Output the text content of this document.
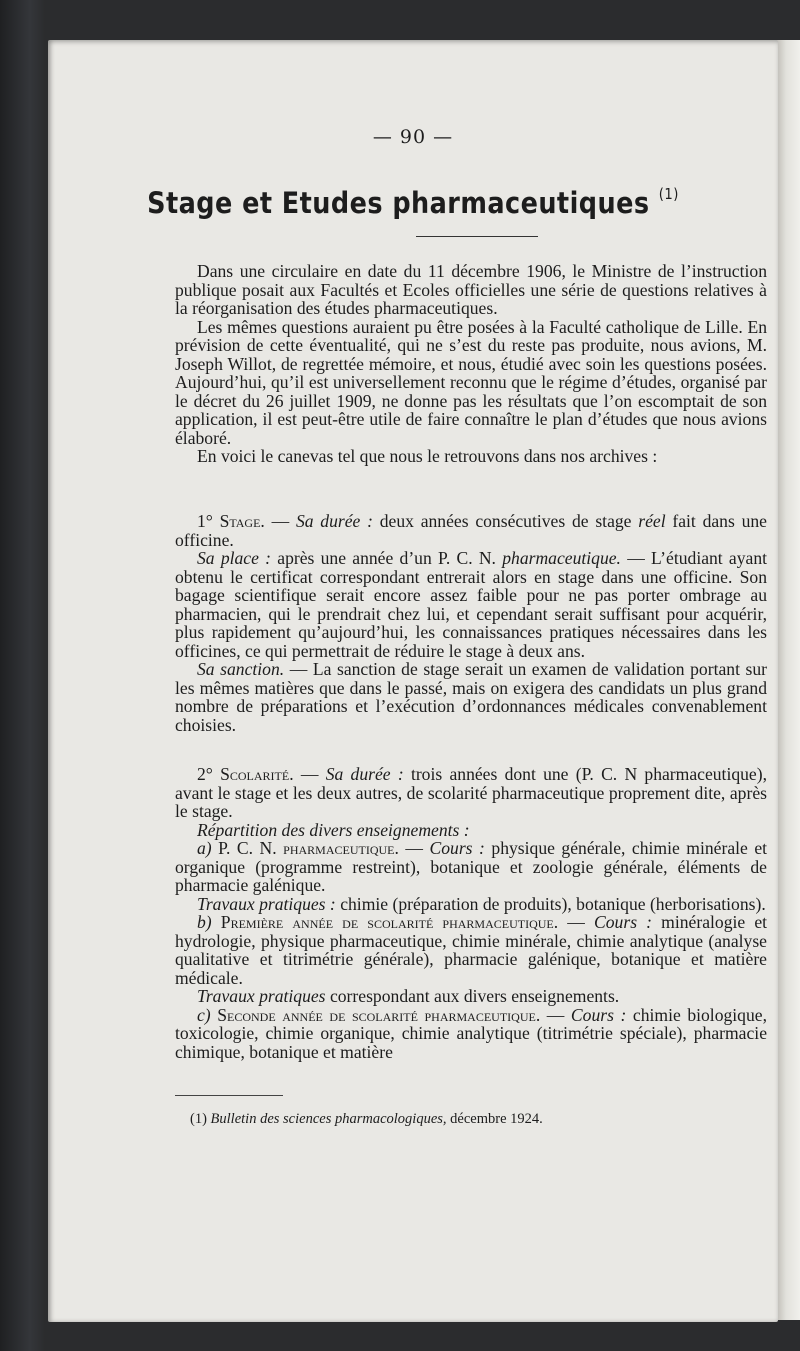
— 90 —
Stage et Etudes pharmaceutiques $^{(1)}$

Dans une circulaire en date du 11 décembre 1906, le Ministre de l’instruction publique posait aux Facultés et Ecoles officielles une série de questions relatives à la réorganisation des études pharmaceutiques.

Les mêmes questions auraient pu être posées à la Faculté catholique de Lille. En prévision de cette éventualité, qui ne s’est du reste pas produite, nous avions, M. Joseph Willot, de regrettée mémoire, et nous, étudié avec soin les questions posées. Aujourd’hui, qu’il est universellement reconnu que le régime d’études, organisé par le décret du 26 juillet 1909, ne donne pas les résultats que l’on escomptait de son application, il est peut-être utile de faire connaître le plan d’études que nous avions élaboré.

En voici le canevas tel que nous le retrouvons dans nos archives :

1° Stage. — Sa durée : deux années consécutives de stage réel fait dans une officine.

Sa place : après une année d’un P. C. N. pharmaceutique. — L’étudiant ayant obtenu le certificat correspondant entrerait alors en stage dans une officine. Son bagage scientifique serait encore assez faible pour ne pas porter ombrage au pharmacien, qui le prendrait chez lui, et cependant serait suffisant pour acquérir, plus rapidement qu’aujourd’hui, les connaissances pratiques nécessaires dans les officines, ce qui permettrait de réduire le stage à deux ans.

Sa sanction. — La sanction de stage serait un examen de validation portant sur les mêmes matières que dans le passé, mais on exigera des candidats un plus grand nombre de préparations et l’exécution d’ordonnances médicales convenablement choisies.

2° Scolarité. — Sa durée : trois années dont une (P. C. N pharmaceutique), avant le stage et les deux autres, de scolarité pharmaceutique proprement dite, après le stage.

Répartition des divers enseignements :

a) P. C. N. pharmaceutique. — Cours : physique générale, chimie minérale et organique (programme restreint), botanique et zoologie générale, éléments de pharmacie galénique.

Travaux pratiques : chimie (préparation de produits), botanique (herborisations).

b) Première année de scolarité pharmaceutique. — Cours : minéralogie et hydrologie, physique pharmaceutique, chimie minérale, chimie analytique (analyse qualitative et titrimétrie générale), pharmacie galénique, botanique et matière médicale.

Travaux pratiques correspondant aux divers enseignements.

c) Seconde année de scolarité pharmaceutique. — Cours : chimie biologique, toxicologie, chimie organique, chimie analytique (titrimétrie spéciale), pharmacie chimique, botanique et matière

(1) Bulletin des sciences pharmacologiques, décembre 1924.
